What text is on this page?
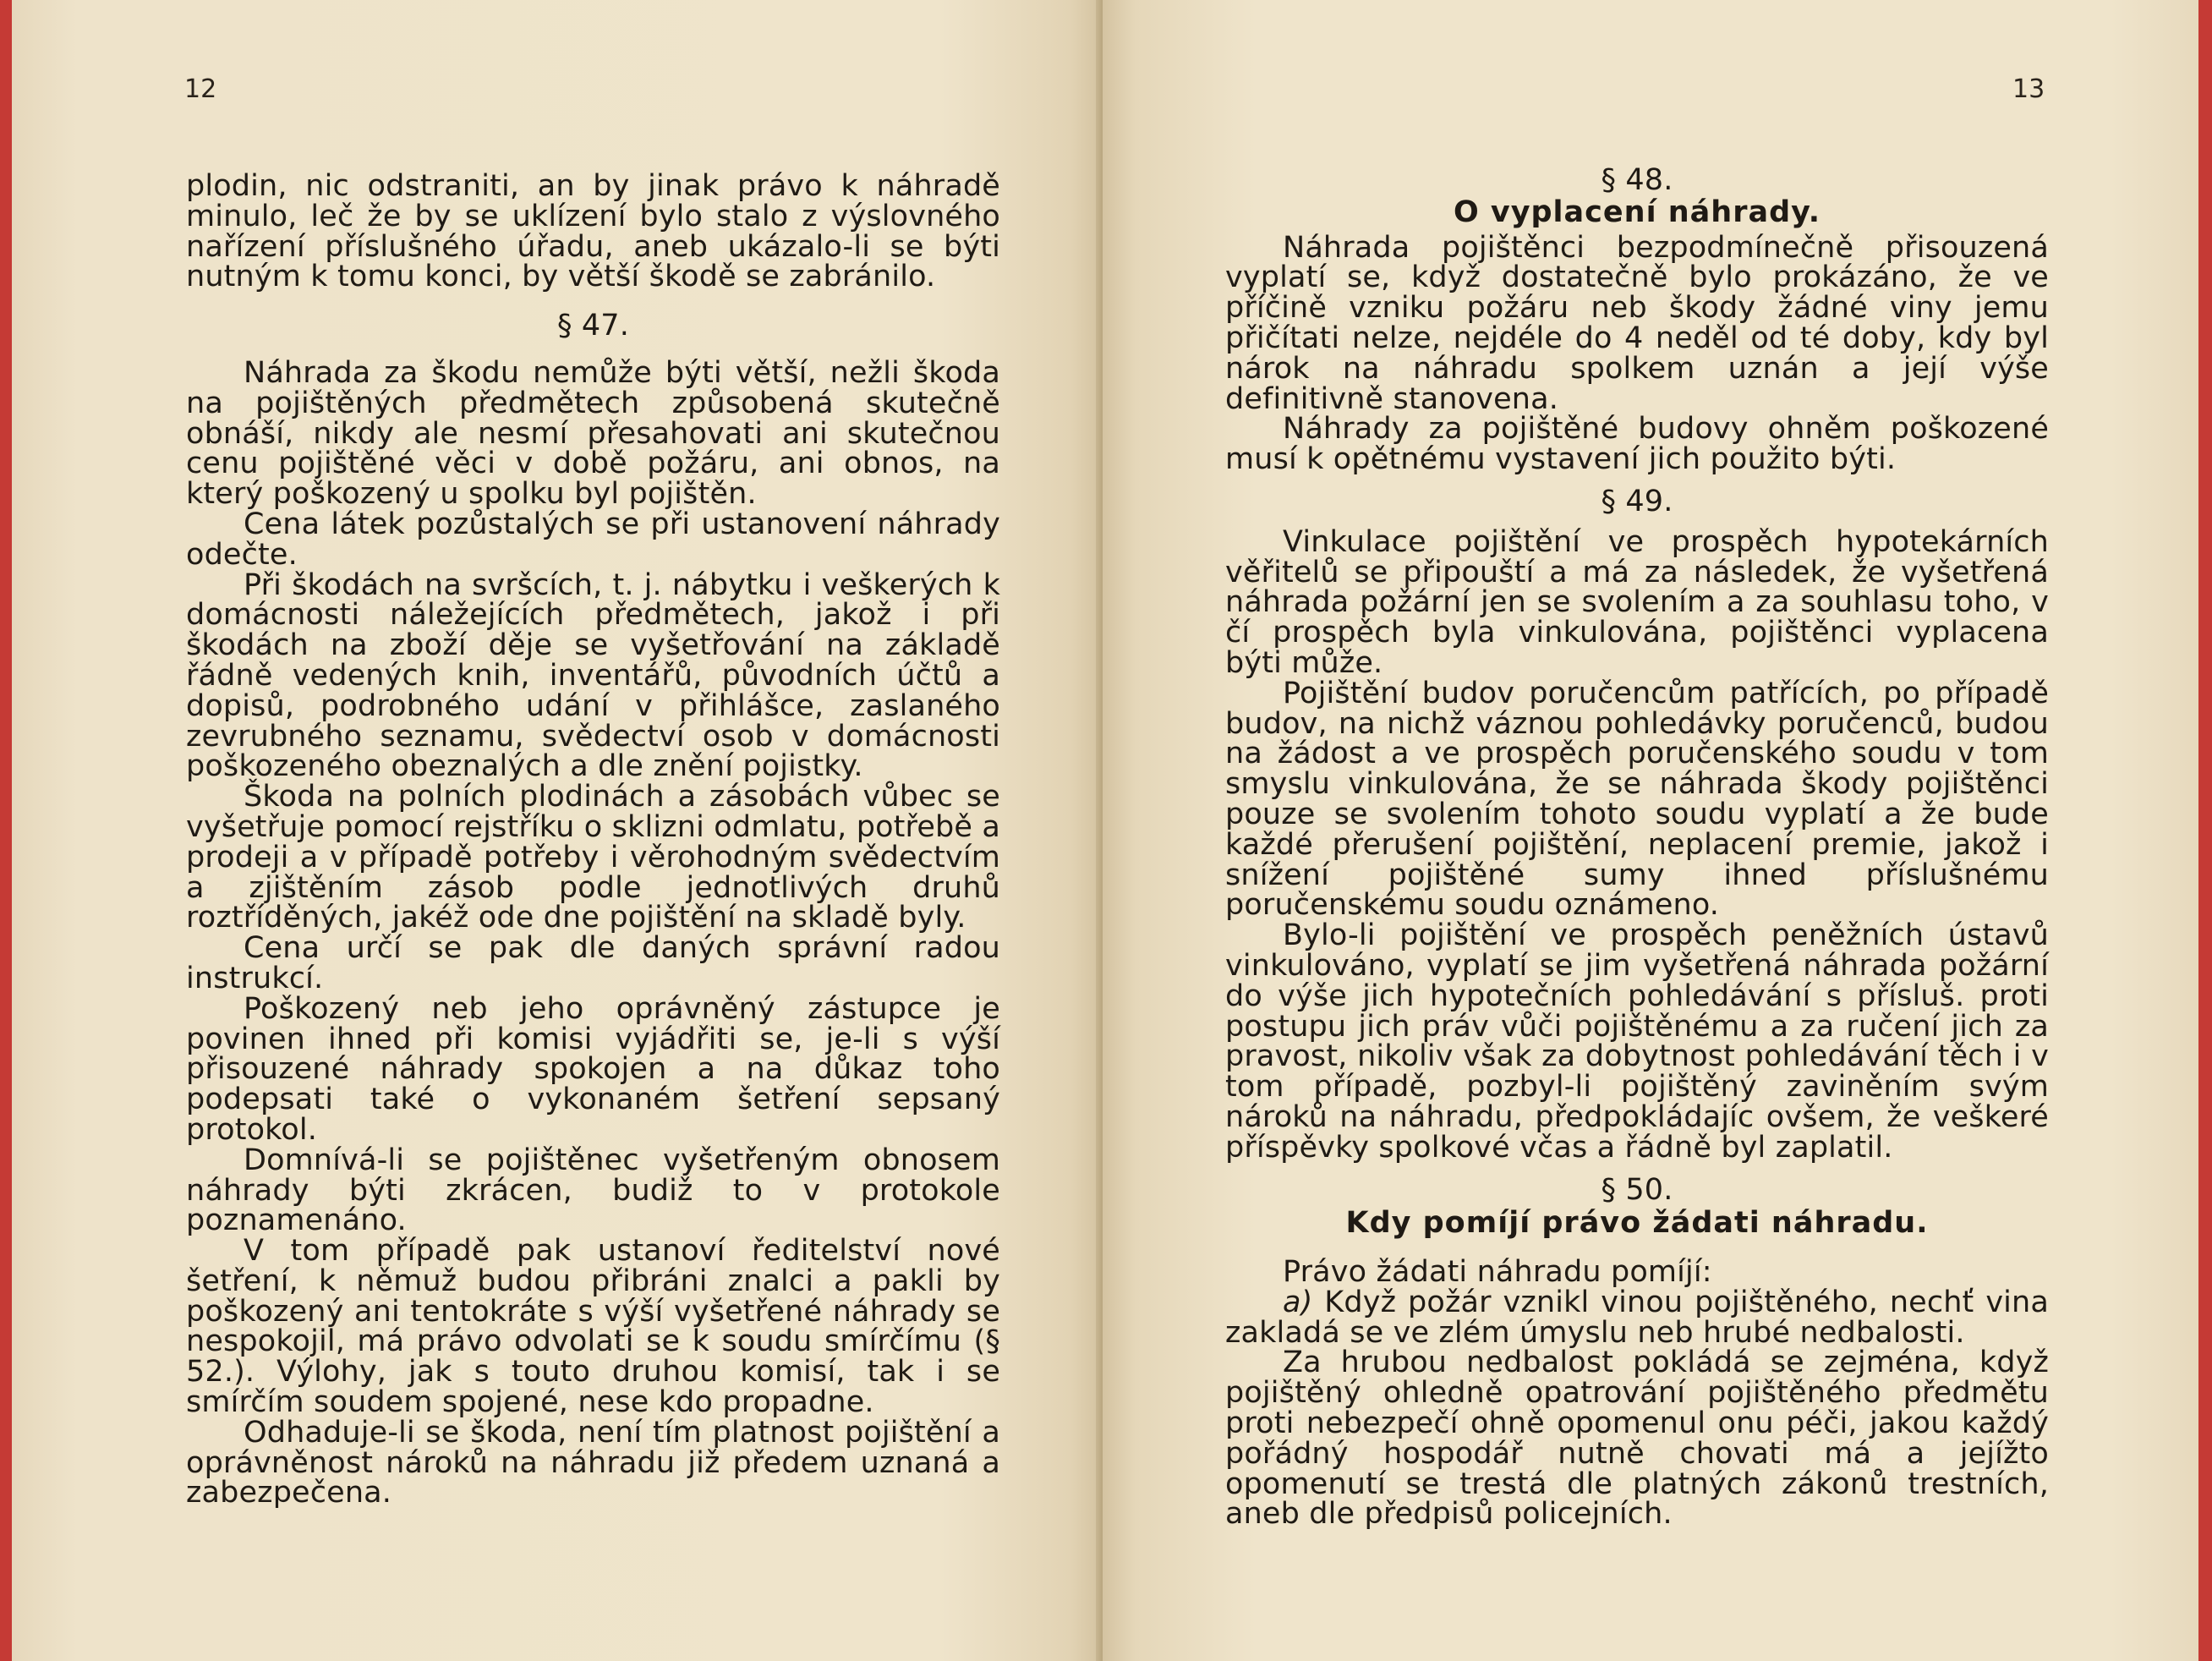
12	13

plodin, nic odstraniti, an by jinak právo k náhradě minulo, leč že by se uklízení bylo stalo z výslovného nařízení příslušného úřadu, aneb ukázalo-li se býti nutným k tomu konci, by větší škodě se zabránilo.

§ 47.

Náhrada za škodu nemůže býti větší, nežli škoda na pojištěných předmětech způsobená skutečně obnáší, nikdy ale nesmí přesahovati ani skutečnou cenu pojištěné věci v době požáru, ani obnos, na který poškozený u spolku byl pojištěn.

Cena látek pozůstalých se při ustanovení náhrady odečte.

Při škodách na svršcích, t. j. nábytku i veškerých k domácnosti náležejících předmětech, jakož i při škodách na zboží děje se vyšetřování na základě řádně vedených knih, inventářů, původních účtů a dopisů, podrobného udání v přihlášce, zaslaného zevrubného seznamu, svědectví osob v domácnosti poškozeného obeznalých a dle znění pojistky.

Škoda na polních plodinách a zásobách vůbec se vyšetřuje pomocí rejstříku o sklizni odmlatu, potřebě a prodeji a v případě potřeby i věrohodným svědectvím a zjištěním zásob podle jednotlivých druhů roztříděných, jakéž ode dne pojištění na skladě byly.

Cena určí se pak dle daných správní radou instrukcí.

Poškozený neb jeho oprávněný zástupce je povinen ihned při komisi vyjádřiti se, je-li s výší přisouzené náhrady spokojen a na důkaz toho podepsati také o vykonaném šetření sepsaný protokol.

Domnívá-li se pojištěnec vyšetřeným obnosem náhrady býti zkrácen, budiž to v protokole poznamenáno.

V tom případě pak ustanoví ředitelství nové šetření, k němuž budou přibráni znalci a pakli by poškozený ani tentokráte s výší vyšetřené náhrady se nespokojil, má právo odvolati se k soudu smírčímu (§ 52.). Výlohy, jak s touto druhou komisí, tak i se smírčím soudem spojené, nese kdo propadne.

Odhaduje-li se škoda, není tím platnost pojištění a oprávněnost nároků na náhradu již předem uznaná a zabezpečena.

§ 48.
O vyplacení náhrady.

Náhrada pojištěnci bezpodmínečně přisouzená vyplatí se, když dostatečně bylo prokázáno, že ve příčině vzniku požáru neb škody žádné viny jemu přičítati nelze, nejdéle do 4 neděl od té doby, kdy byl nárok na náhradu spolkem uznán a její výše definitivně stanovena.

Náhrady za pojištěné budovy ohněm poškozené musí k opětnému vystavení jich použito býti.

§ 49.

Vinkulace pojištění ve prospěch hypotekárních věřitelů se připouští a má za následek, že vyšetřená náhrada požární jen se svolením a za souhlasu toho, v čí prospěch byla vinkulována, pojištěnci vyplacena býti může.

Pojištění budov poručencům patřících, po případě budov, na nichž váznou pohledávky poručenců, budou na žádost a ve prospěch poručenského soudu v tom smyslu vinkulována, že se náhrada škody pojištěnci pouze se svolením tohoto soudu vyplatí a že bude každé přerušení pojištění, neplacení premie, jakož i snížení pojištěné sumy ihned příslušnému poručenskému soudu oznámeno.

Bylo-li pojištění ve prospěch peněžních ústavů vinkulováno, vyplatí se jim vyšetřená náhrada požární do výše jich hypotečních pohledávání s přísluš. proti postupu jich práv vůči pojištěnému a za ručení jich za pravost, nikoliv však za dobytnost pohledávání těch i v tom případě, pozbyl-li pojištěný zaviněním svým nároků na náhradu, předpokládajíc ovšem, že veškeré příspěvky spolkové včas a řádně byl zaplatil.

§ 50.
Kdy pomíjí právo žádati náhradu.

Právo žádati náhradu pomíjí:

a) Když požár vznikl vinou pojištěného, nechť vina zakladá se ve zlém úmyslu neb hrubé nedbalosti.

Za hrubou nedbalost pokládá se zejména, když pojištěný ohledně opatrování pojištěného předmětu proti nebezpečí ohně opomenul onu péči, jakou každý pořádný hospodář nutně chovati má a jejížto opomenutí se trestá dle platných zákonů trestních, aneb dle předpisů policejních.
